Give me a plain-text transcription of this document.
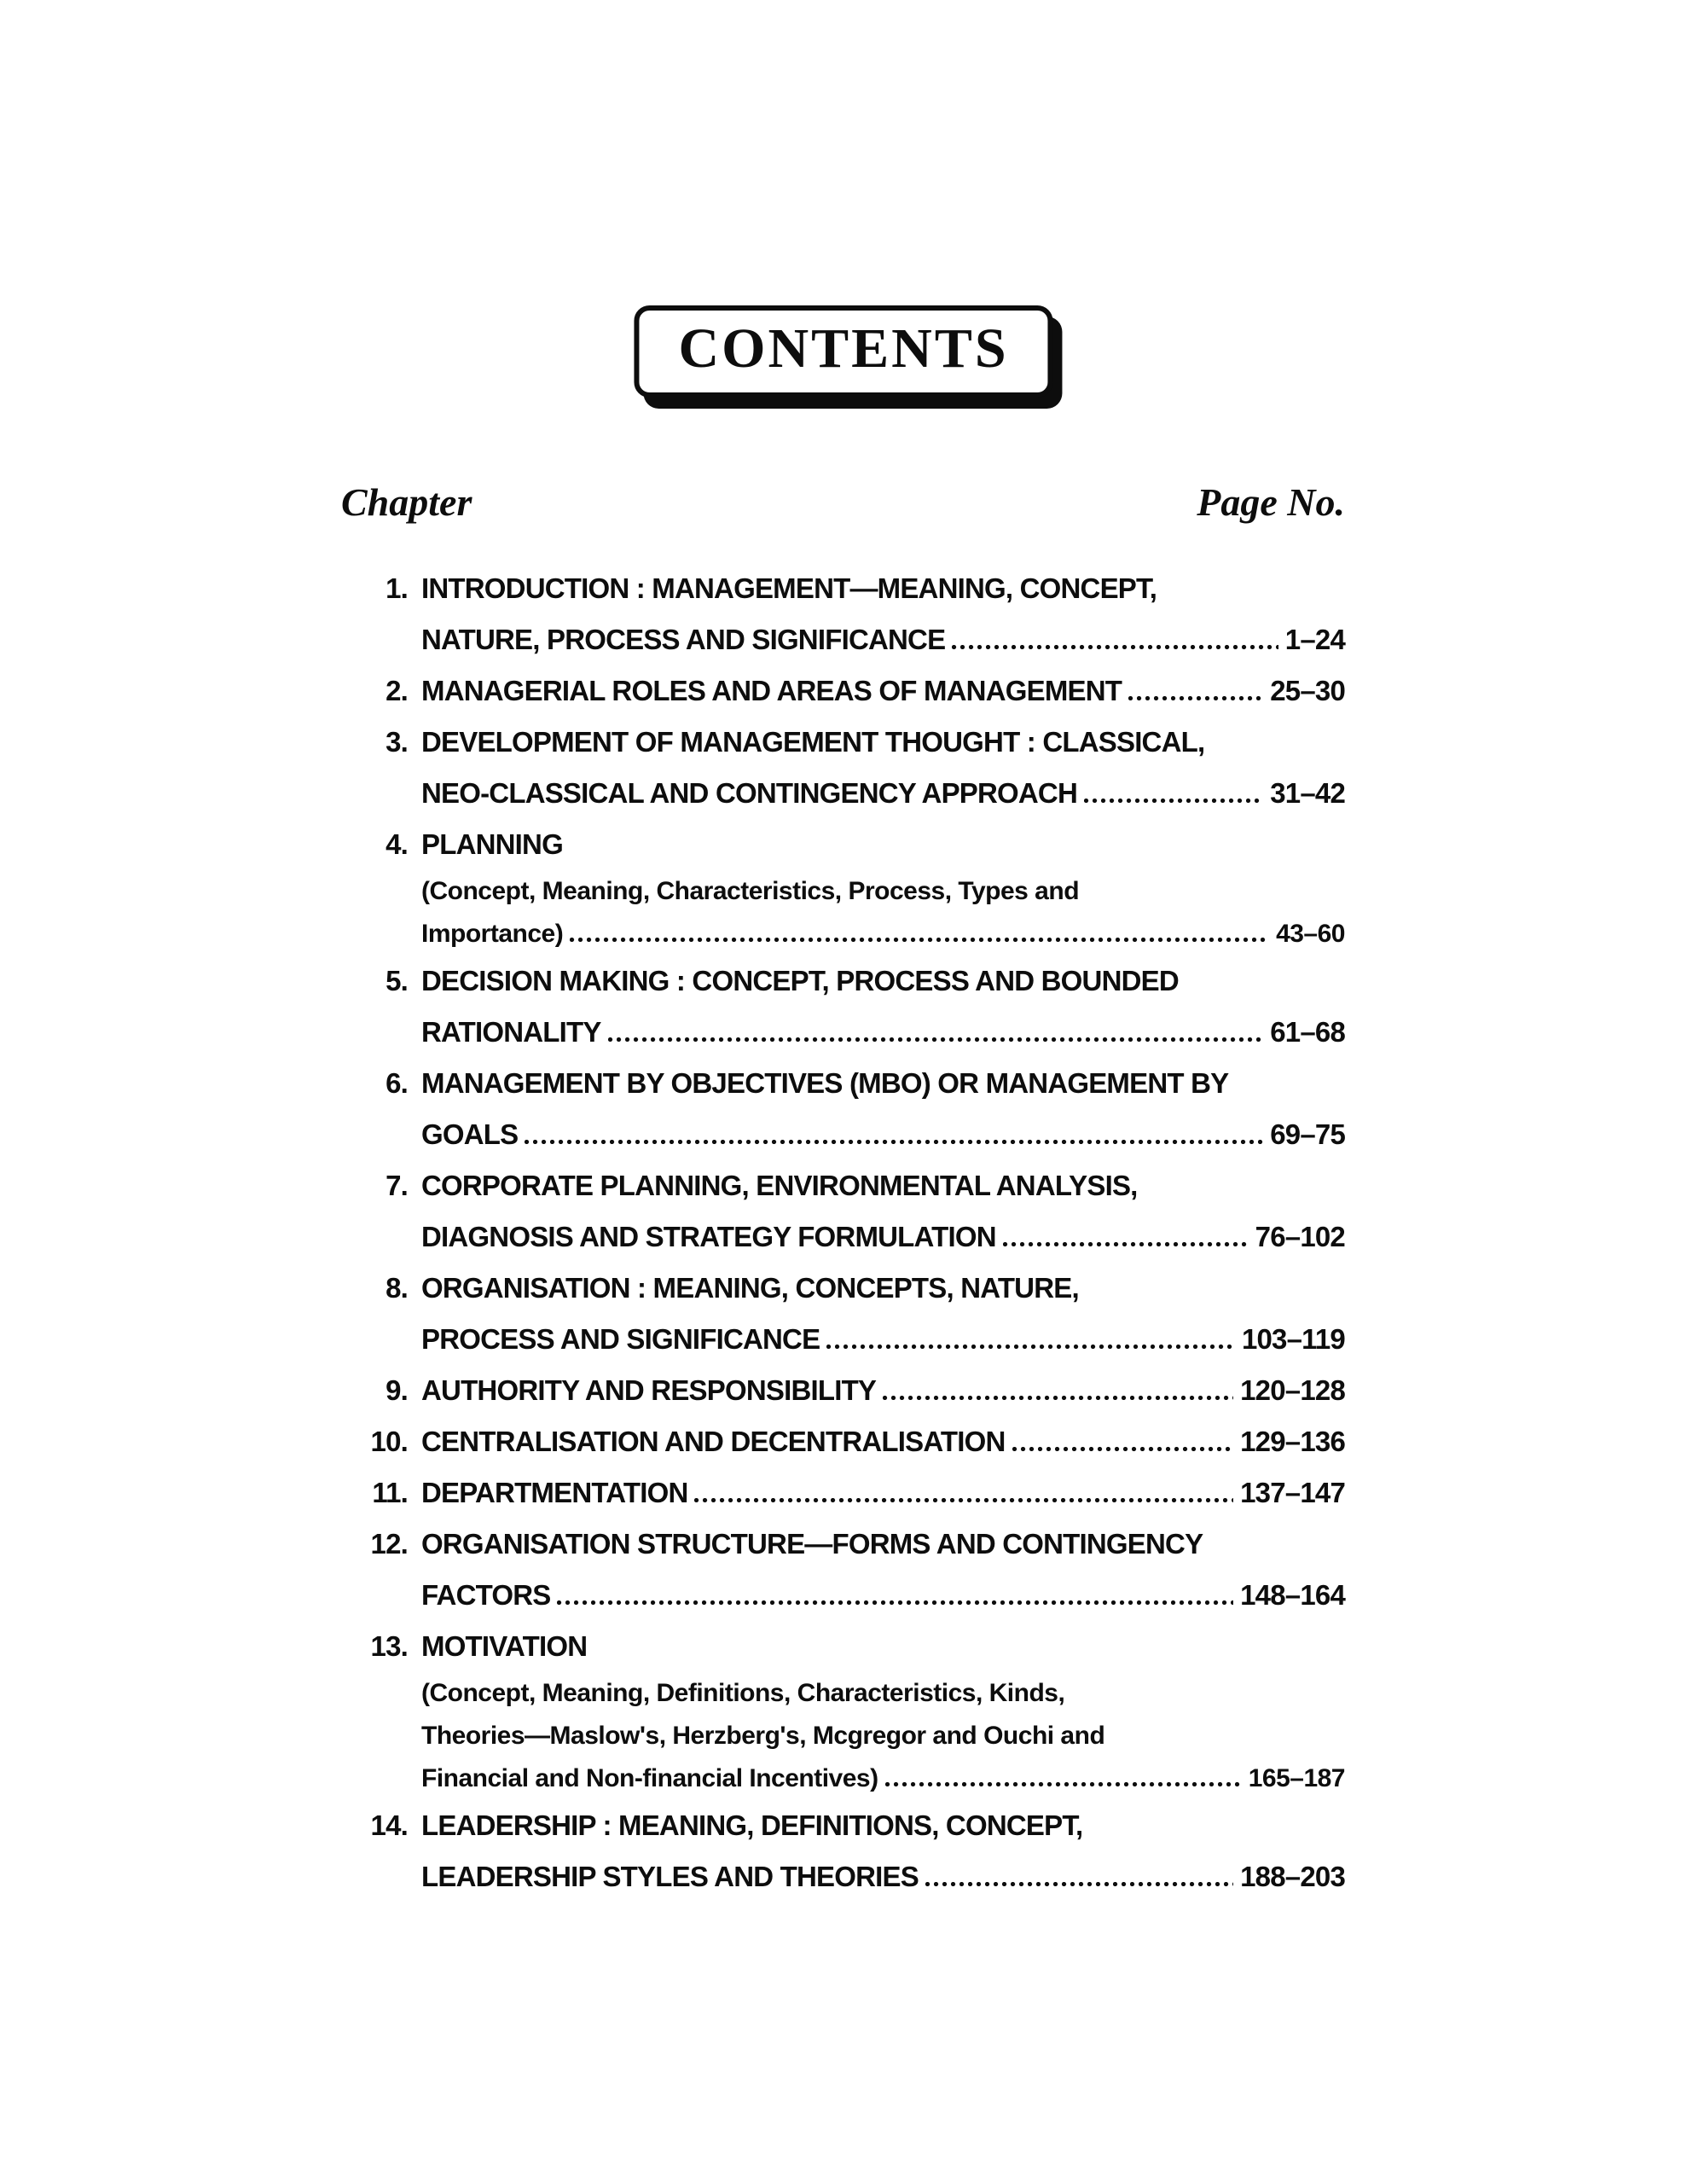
CONTENTS
Chapter	Page No.
1. INTRODUCTION : MANAGEMENT—MEANING, CONCEPT,
NATURE, PROCESS AND SIGNIFICANCE	1–24
2. MANAGERIAL ROLES AND AREAS OF MANAGEMENT	25–30
3. DEVELOPMENT OF MANAGEMENT THOUGHT : CLASSICAL,
NEO-CLASSICAL AND CONTINGENCY APPROACH	31–42
4. PLANNING
(Concept, Meaning, Characteristics, Process, Types and
Importance)	43–60
5. DECISION MAKING : CONCEPT, PROCESS AND BOUNDED
RATIONALITY	61–68
6. MANAGEMENT BY OBJECTIVES (MBO) OR MANAGEMENT BY
GOALS	69–75
7. CORPORATE PLANNING, ENVIRONMENTAL ANALYSIS,
DIAGNOSIS AND STRATEGY FORMULATION	76–102
8. ORGANISATION : MEANING, CONCEPTS, NATURE,
PROCESS AND SIGNIFICANCE	103–119
9. AUTHORITY AND RESPONSIBILITY	120–128
10. CENTRALISATION AND DECENTRALISATION	129–136
11. DEPARTMENTATION	137–147
12. ORGANISATION STRUCTURE—FORMS AND CONTINGENCY
FACTORS	148–164
13. MOTIVATION
(Concept, Meaning, Definitions, Characteristics, Kinds,
Theories—Maslow's, Herzberg's, Mcgregor and Ouchi and
Financial and Non-financial Incentives)	165–187
14. LEADERSHIP : MEANING, DEFINITIONS, CONCEPT,
LEADERSHIP STYLES AND THEORIES	188–203
